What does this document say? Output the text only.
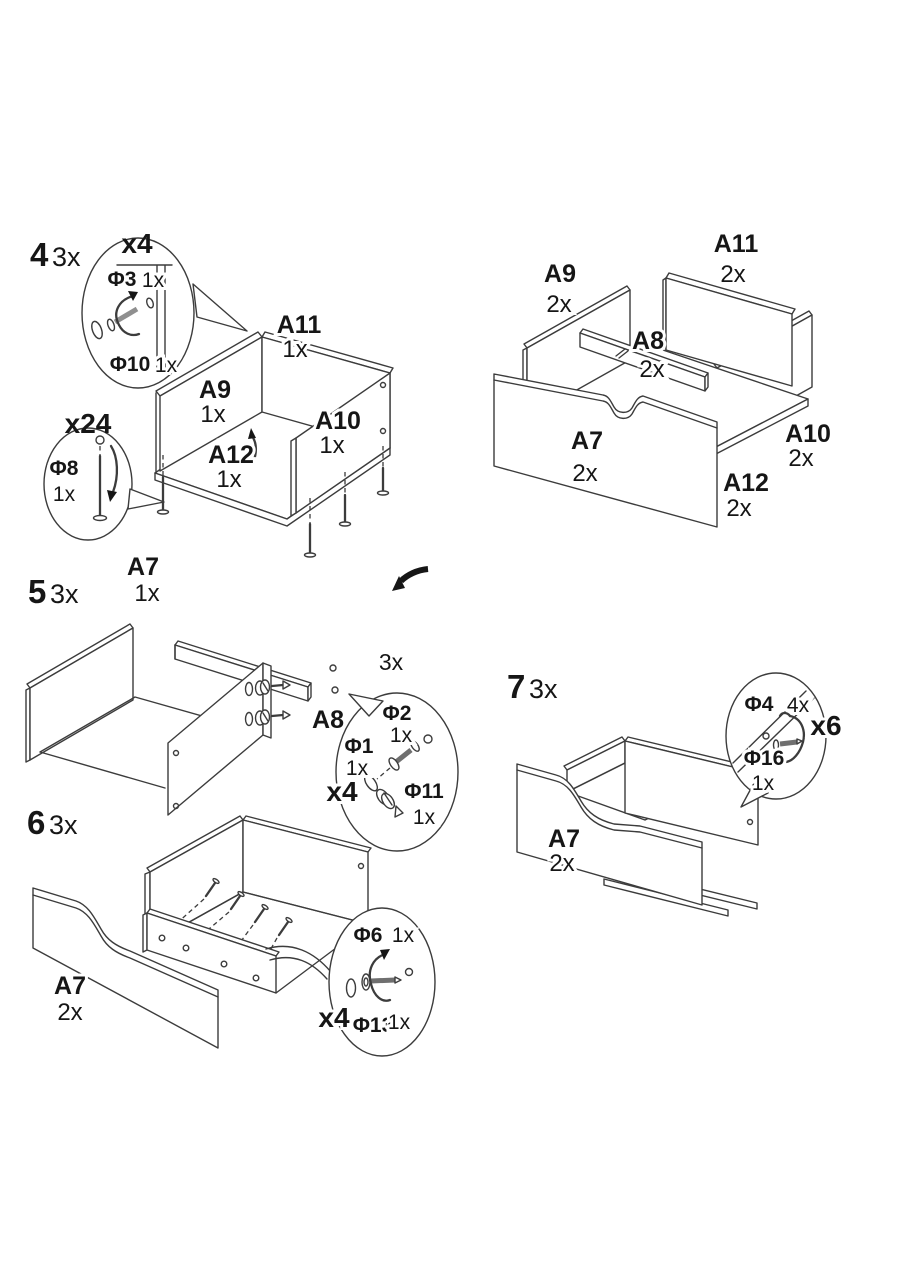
4 3x x4
Φ3 1x
Φ10 1x
A11
1x
A9
1x	A10
1x
A12
1x
x24
Φ8
1x
A9
2x
A11
2x
A8
2x
A7
2x
A10
2x
A12
2x
5 3x
A7
1x
3x
A8 Φ2
1x
Φ1
1x
x4 Φ11
1x
6 3x
A7
2x
Φ6 1x
x4 Φ13
1x
7 3x
A7
2x
Φ4 4x
x6
Φ16
1x
